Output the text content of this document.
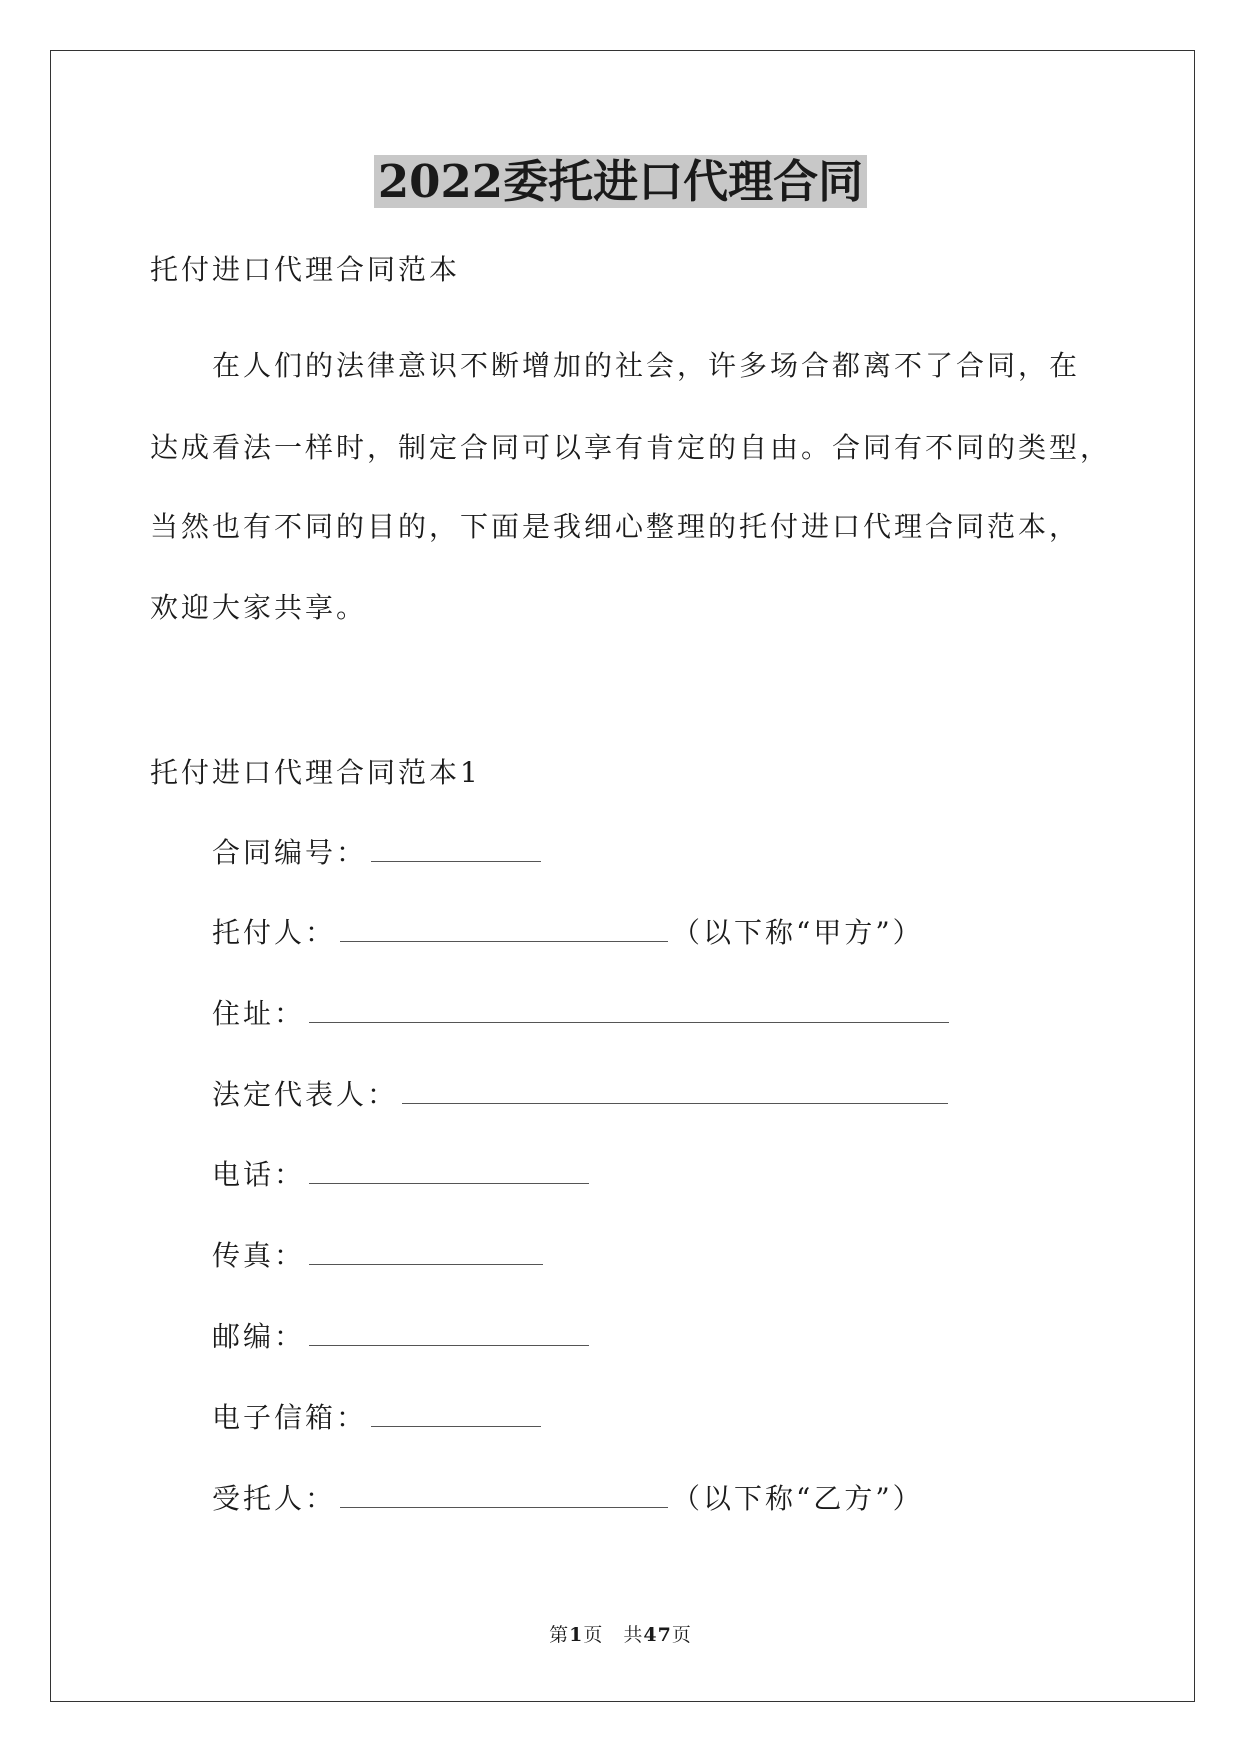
2022委托进口代理合同
托付进口代理合同范本
在人们的法律意识不断增加的社会，许多场合都离不了合同，在
达成看法一样时，制定合同可以享有肯定的自由。合同有不同的类型，
当然也有不同的目的，下面是我细心整理的托付进口代理合同范本，
欢迎大家共享。
托付进口代理合同范本1
合同编号：
托付人：	（以下称“甲方”）
住址：
法定代表人：
电话：
传真：
邮编：
电子信箱：
受托人：	（以下称“乙方”）
第1页　共47页
